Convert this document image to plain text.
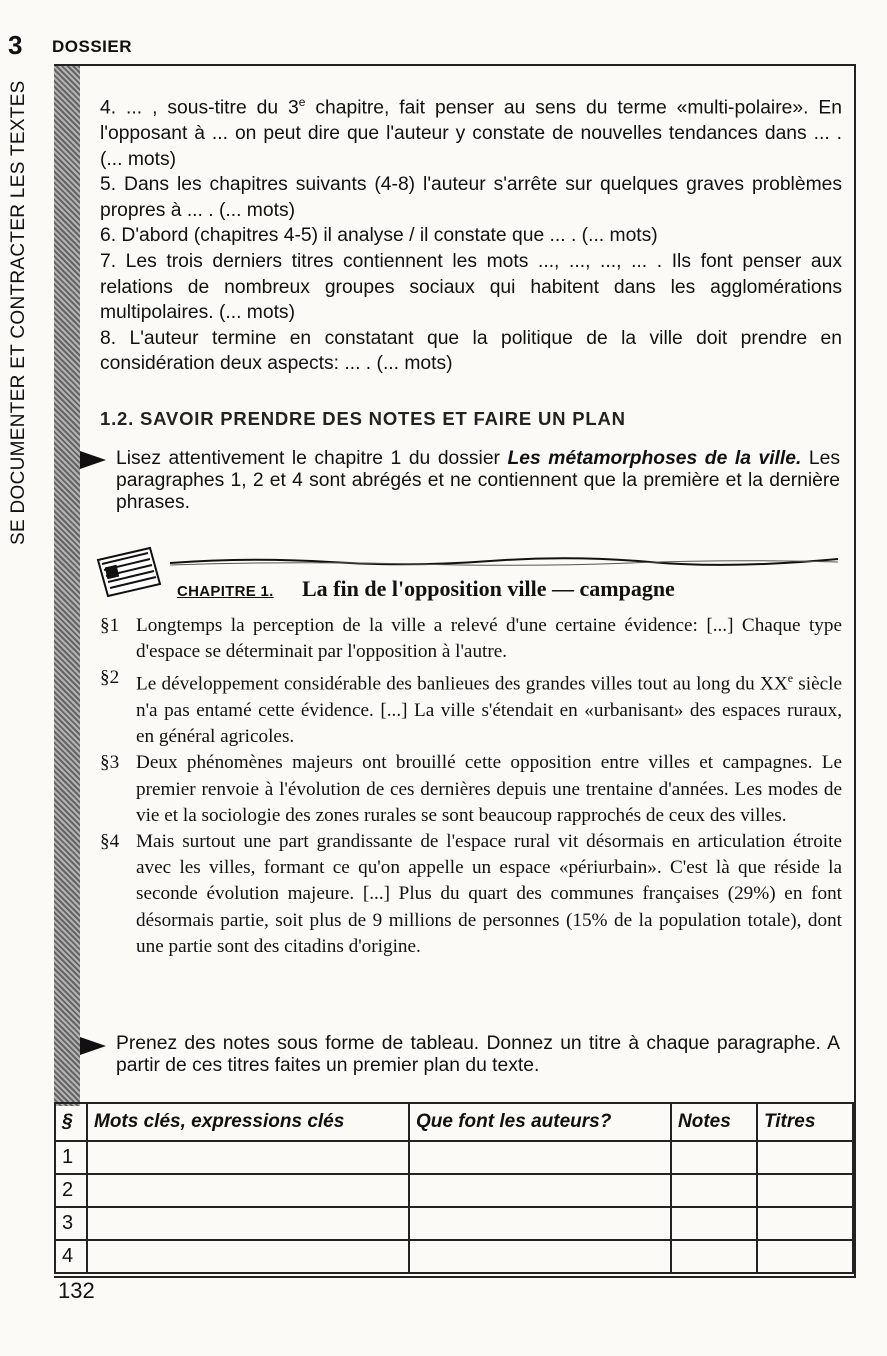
3 DOSSIER
SE DOCUMENTER ET CONTRACTER LES TEXTES	4. ... , sous-titre du 3e chapitre, fait penser au sens du terme «multi-polaire». En l'opposant à ... on peut dire que l'auteur y constate de nouvelles tendances dans ... . (... mots)

5. Dans les chapitres suivants (4-8) l'auteur s'arrête sur quelques graves problèmes propres à ... . (... mots)

6. D'abord (chapitres 4-5) il analyse / il constate que ... . (... mots)

7. Les trois derniers titres contiennent les mots ..., ..., ..., ... . Ils font penser aux relations de nombreux groupes sociaux qui habitent dans les agglomérations multipolaires. (... mots)

8. L'auteur termine en constatant que la politique de la ville doit prendre en considération deux aspects: ... . (... mots)

1.2. SAVOIR PRENDRE DES NOTES ET FAIRE UN PLAN
Lisez attentivement le chapitre 1 du dossier Les métamorphoses de la ville. Les paragraphes 1, 2 et 4 sont abrégés et ne contiennent que la première et la dernière phrases.
CHAPITRE 1. La fin de l'opposition ville — campagne

§1 Longtemps la perception de la ville a relevé d'une certaine évidence: [...] Chaque type d'espace se déterminait par l'opposition à l'autre.

§2 Le développement considérable des banlieues des grandes villes tout au long du XXe siècle n'a pas entamé cette évidence. [...] La ville s'étendait en «urbanisant» des espaces ruraux, en général agricoles.

§3 Deux phénomènes majeurs ont brouillé cette opposition entre villes et campagnes. Le premier renvoie à l'évolution de ces dernières depuis une trentaine d'années. Les modes de vie et la sociologie des zones rurales se sont beaucoup rapprochés de ceux des villes.

§4 Mais surtout une part grandissante de l'espace rural vit désormais en articulation étroite avec les villes, formant ce qu'on appelle un espace «périurbain». C'est là que réside la seconde évolution majeure. [...] Plus du quart des communes françaises (29%) en font désormais partie, soit plus de 9 millions de personnes (15% de la population totale), dont une partie sont des citadins d'origine.

Prenez des notes sous forme de tableau. Donnez un titre à chaque paragraphe. A partir de ces titres faites un premier plan du texte.
§	Mots clés, expressions clés	Que font les auteurs?	Notes	Titres
1				
2				
3				
4				
132
